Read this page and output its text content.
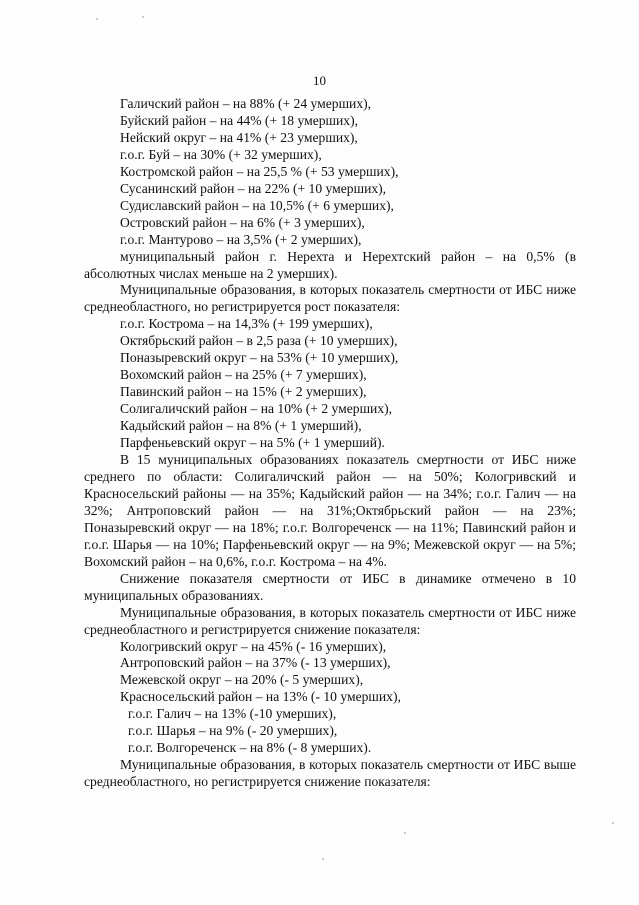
10
Галичский район – на 88% (+ 24 умерших),
Буйский район – на 44% (+ 18 умерших),
Нейский округ – на 41% (+ 23 умерших),
г.о.г. Буй – на 30% (+ 32 умерших),
Костромской район – на 25,5 % (+ 53 умерших),
Сусанинский район – на 22% (+ 10 умерших),
Судиславский район – на 10,5% (+ 6 умерших),
Островский район – на 6% (+ 3 умерших),
г.о.г. Мантурово – на 3,5% (+ 2 умерших),
муниципальный район г. Нерехта и Нерехтский район – на 0,5% (в абсолютных числах меньше на 2 умерших).
Муниципальные образования, в которых показатель смертности от ИБС ниже среднеобластного, но регистрируется рост показателя:
г.о.г. Кострома – на 14,3% (+ 199 умерших),
Октябрьский район – в 2,5 раза (+ 10 умерших),
Поназыревский округ – на 53% (+ 10 умерших),
Вохомский район – на 25% (+ 7 умерших),
Павинский район – на 15% (+ 2 умерших),
Солигаличский район – на 10% (+ 2 умерших),
Кадыйский район – на 8% (+ 1 умерший),
Парфеньевский округ – на 5% (+ 1 умерший).
В 15 муниципальных образованиях показатель смертности от ИБС ниже среднего по области: Солигаличский район — на 50%; Кологривский и Красносельский районы — на 35%; Кадыйский район — на 34%; г.о.г. Галич — на 32%; Антроповский район — на 31%;Октябрьский район — на 23%; Поназыревский округ — на 18%; г.о.г. Волгореченск — на 11%; Павинский район и г.о.г. Шарья — на 10%; Парфеньевский округ — на 9%; Межевской округ — на 5%; Вохомский район – на 0,6%, г.о.г. Кострома – на 4%.
Снижение показателя смертности от ИБС в динамике отмечено в 10 муниципальных образованиях.
Муниципальные образования, в которых показатель смертности от ИБС ниже среднеобластного и регистрируется снижение показателя:
Кологривский округ – на 45% (- 16 умерших),
Антроповский район – на 37% (- 13 умерших),
Межевской округ – на 20% (- 5 умерших),
Красносельский район – на 13% (- 10 умерших),
г.о.г. Галич – на 13% (-10 умерших),
г.о.г. Шарья – на 9% (- 20 умерших),
г.о.г. Волгореченск – на 8% (- 8 умерших).
Муниципальные образования, в которых показатель смертности от ИБС выше среднеобластного, но регистрируется снижение показателя:
